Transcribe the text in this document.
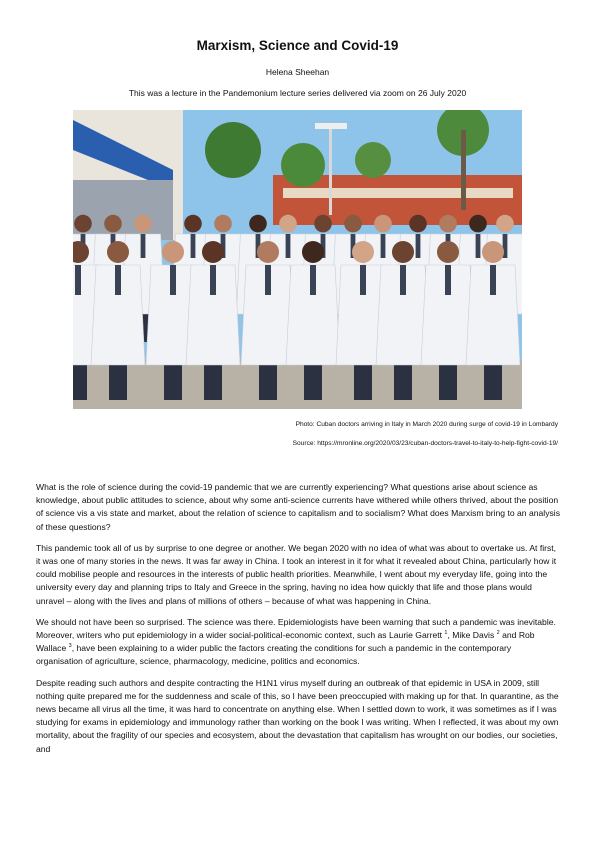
Marxism, Science and Covid-19
Helena Sheehan
This was a lecture in the Pandemonium lecture series delivered via zoom on 26 July 2020
Photo: Cuban doctors arriving in Italy in March 2020 during surge of covid-19 in Lombardy
Source: https://mronline.org/2020/03/23/cuban-doctors-travel-to-italy-to-help-fight-covid-19/

What is the role of science during the covid-19 pandemic that we are currently experiencing? What questions arise about science as knowledge, about public attitudes to science, about why some anti-science currents have withered while others thrived, about the position of science vis a vis state and market, about the relation of science to capitalism and to socialism? What does Marxism bring to an analysis of these questions?

This pandemic took all of us by surprise to one degree or another. We began 2020 with no idea of what was about to overtake us. At first, it was one of many stories in the news. It was far away in China. I took an interest in it for what it revealed about China, particularly how it could mobilise people and resources in the interests of public health priorities. Meanwhile, I went about my everyday life, going into the university every day and planning trips to Italy and Greece in the spring, having no idea how quickly that life and those plans would unravel – along with the lives and plans of millions of others – because of what was happening in China.

We should not have been so surprised. The science was there. Epidemiologists have been warning that such a pandemic was inevitable. Moreover, writers who put epidemiology in a wider social-political-economic context, such as Laurie Garrett $^1$, Mike Davis $^2$ and Rob Wallace $^3$, have been explaining to a wider public the factors creating the conditions for such a pandemic in the contemporary organisation of agriculture, science, pharmacology, medicine, politics and economics.

Despite reading such authors and despite contracting the H1N1 virus myself during an outbreak of that epidemic in USA in 2009, still nothing quite prepared me for the suddenness and scale of this, so I have been preoccupied with making up for that. In quarantine, as the news became all virus all the time, it was hard to concentrate on anything else. When I settled down to work, it was sometimes as if I was studying for exams in epidemiology and immunology rather than working on the book I was writing. When I reflected, it was about my own mortality, about the fragility of our species and ecosystem, about the devastation that capitalism has wrought on our bodies, our societies, and
